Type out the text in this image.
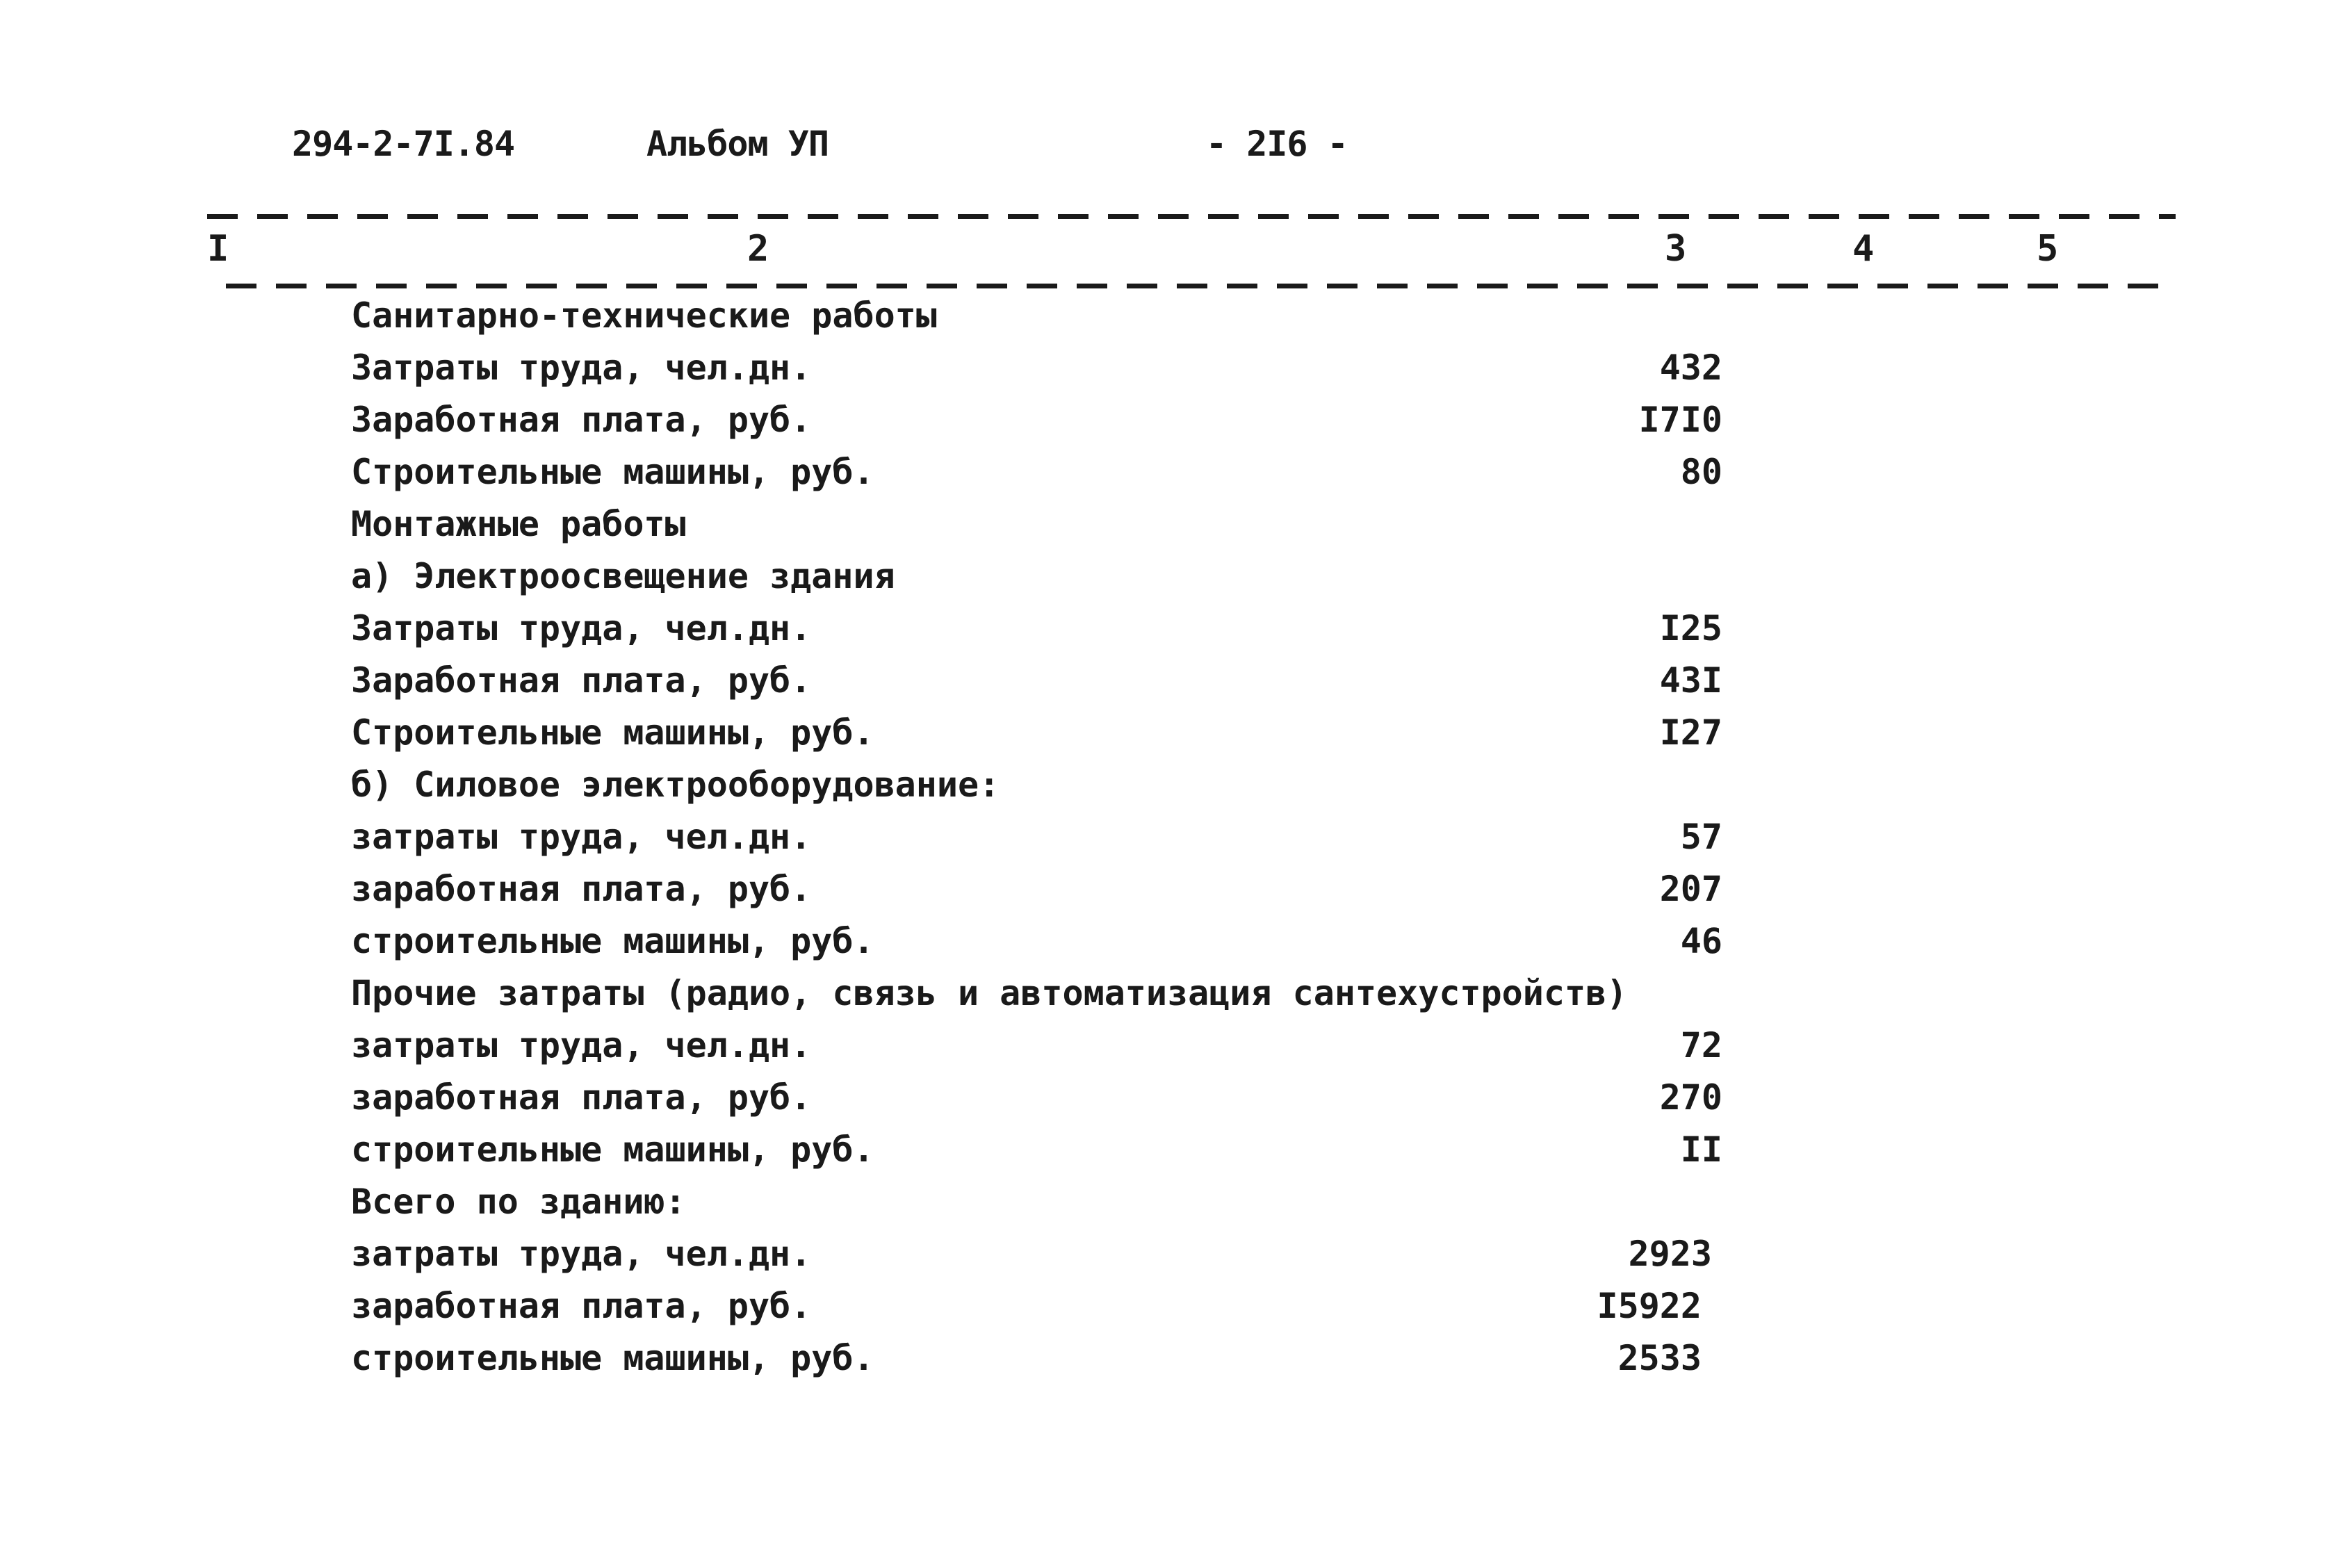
294-2-7I.84	Альбом УП	- 2I6 -
I	2	3	4	5
Санитарно-технические работы
Затраты труда, чел.дн.	432
Заработная плата, руб.	I7I0
Строительные машины, руб.	80
Монтажные работы
а) Электроосвещение здания
Затраты труда, чел.дн.	I25
Заработная плата, руб.	43I
Строительные машины, руб.	I27
б) Силовое электрооборудование:
затраты труда, чел.дн.	57
заработная плата, руб.	207
строительные машины, руб.	46
Прочие затраты (радио, связь и автоматизация сантехустройств)
затраты труда, чел.дн.	72
заработная плата, руб.	270
строительные машины, руб.	II
Всего по зданию:
затраты труда, чел.дн.	2923
заработная плата, руб.	I5922
строительные машины, руб.	2533
